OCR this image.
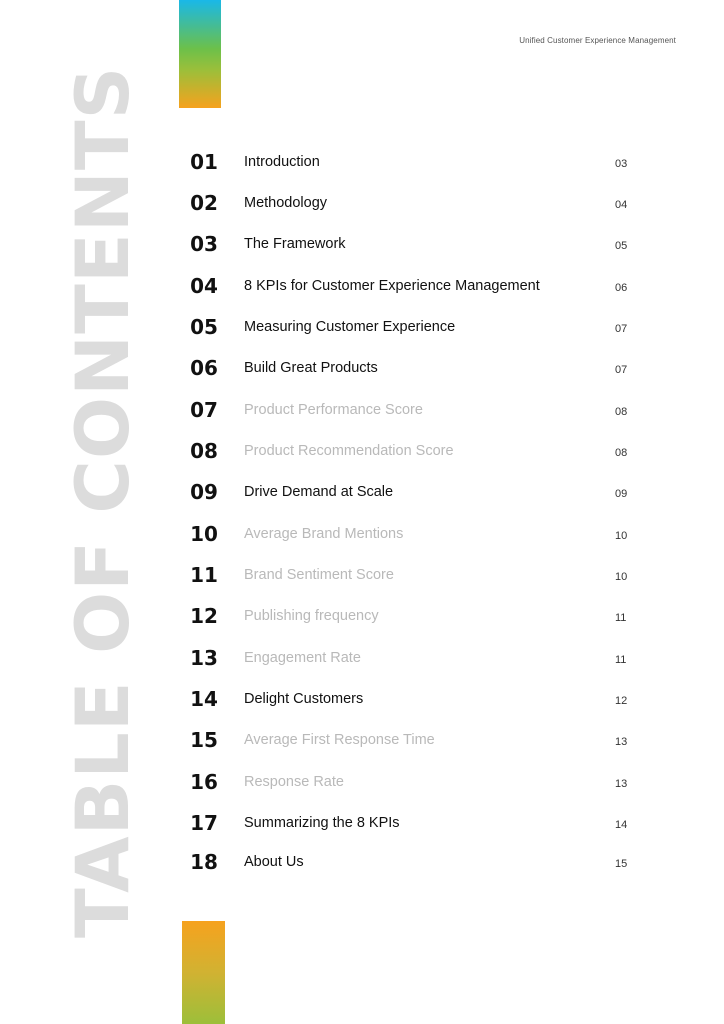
Unified Customer Experience Management
TABLE OF CONTENTS	01	Introduction	03
02	Methodology	04
03	The Framework	05
04	8 KPIs for Customer Experience Management	06
05	Measuring Customer Experience	07
06	Build Great Products	07
07	Product Performance Score	08
08	Product Recommendation Score	08
09	Drive Demand at Scale	09
10	Average Brand Mentions	10
11	Brand Sentiment Score	10
12	Publishing frequency	11
13	Engagement Rate	11
14	Delight Customers	12
15	Average First Response Time	13
16	Response Rate	13
17	Summarizing the 8 KPIs	14
18	About Us	15
